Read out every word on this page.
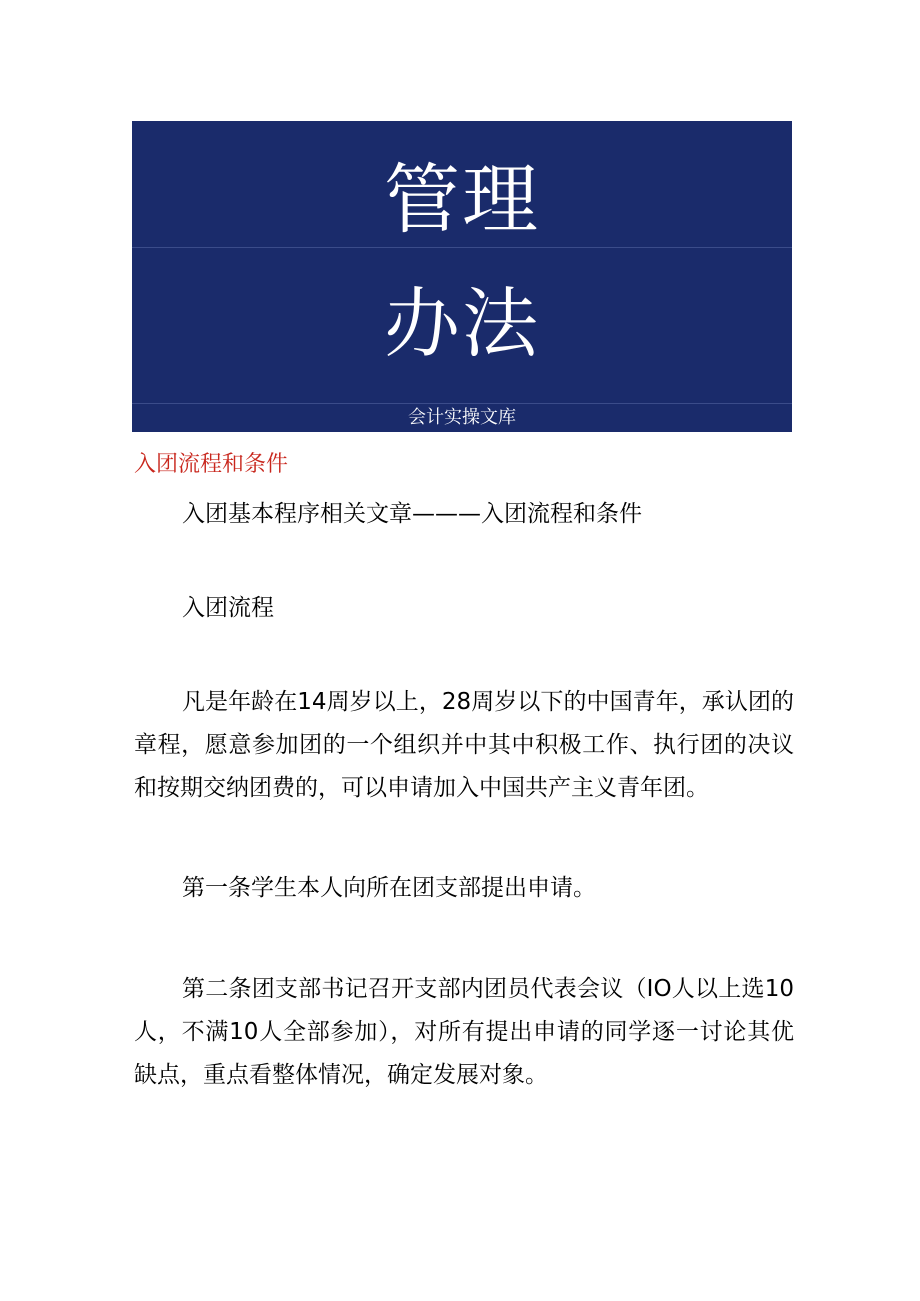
管理
办法
会计实操文库
入团流程和条件

入团基本程序相关文章———入团流程和条件

入团流程

凡是年龄在14周岁以上，28周岁以下的中国青年，承认团的章程，愿意参加团的一个组织并中其中积极工作、执行团的决议和按期交纳团费的，可以申请加入中国共产主义青年团。

第一条学生本人向所在团支部提出申请。

第二条团支部书记召开支部内团员代表会议（IO人以上选10人，不满10人全部参加），对所有提出申请的同学逐一讨论其优缺点，重点看整体情况，确定发展对象。
